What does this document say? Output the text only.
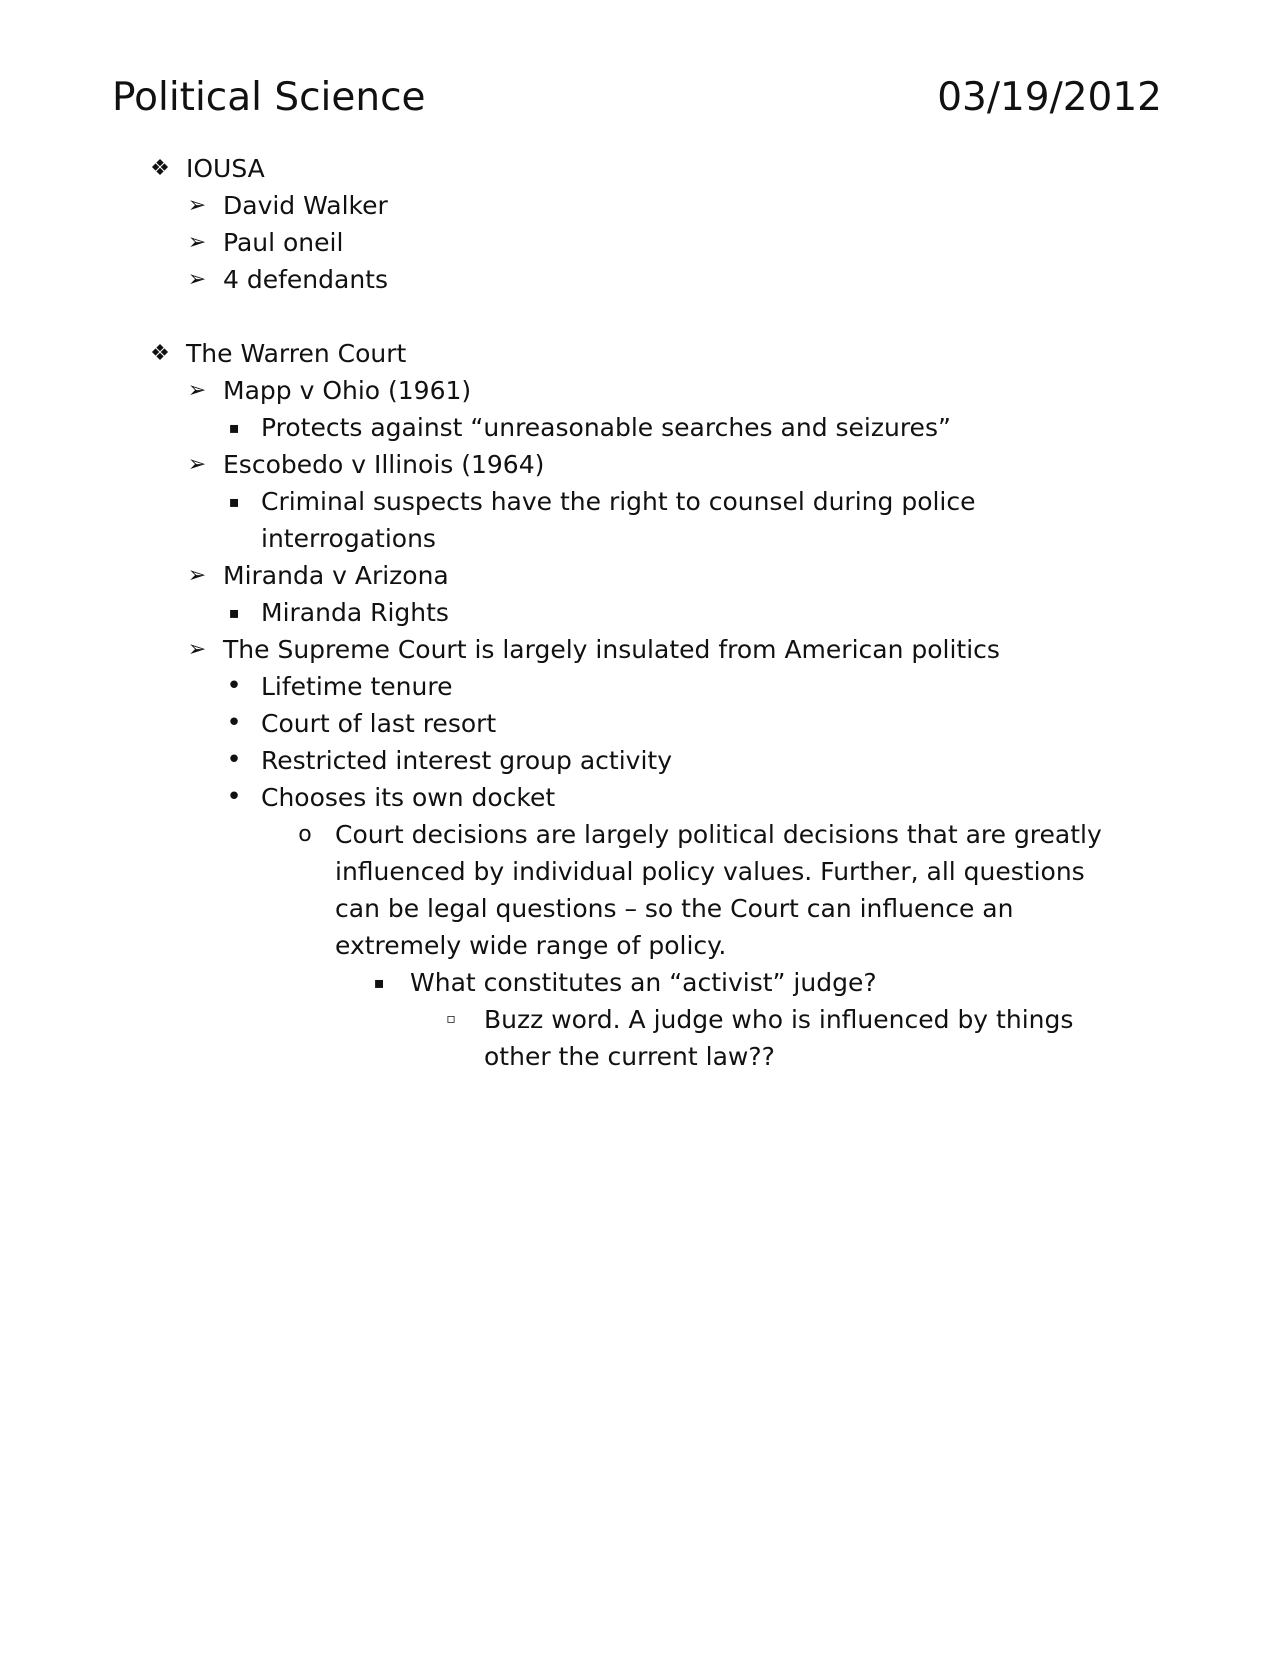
Political Science	03/19/2012
❖ IOUSA
➢ David Walker
➢ Paul oneil
➢ 4 defendants
❖ The Warren Court
➢ Mapp v Ohio (1961)
▪ Protects against “unreasonable searches and seizures”
➢ Escobedo v Illinois (1964)
▪ Criminal suspects have the right to counsel during police
interrogations
➢ Miranda v Arizona
▪ Miranda Rights
➢ The Supreme Court is largely insulated from American politics
• Lifetime tenure
• Court of last resort
• Restricted interest group activity
• Chooses its own docket
o Court decisions are largely political decisions that are greatly
influenced by individual policy values. Further, all questions
can be legal questions – so the Court can influence an
extremely wide range of policy.
▪	What constitutes an “activist” judge?
▫	Buzz word. A judge who is influenced by things
other the current law??
